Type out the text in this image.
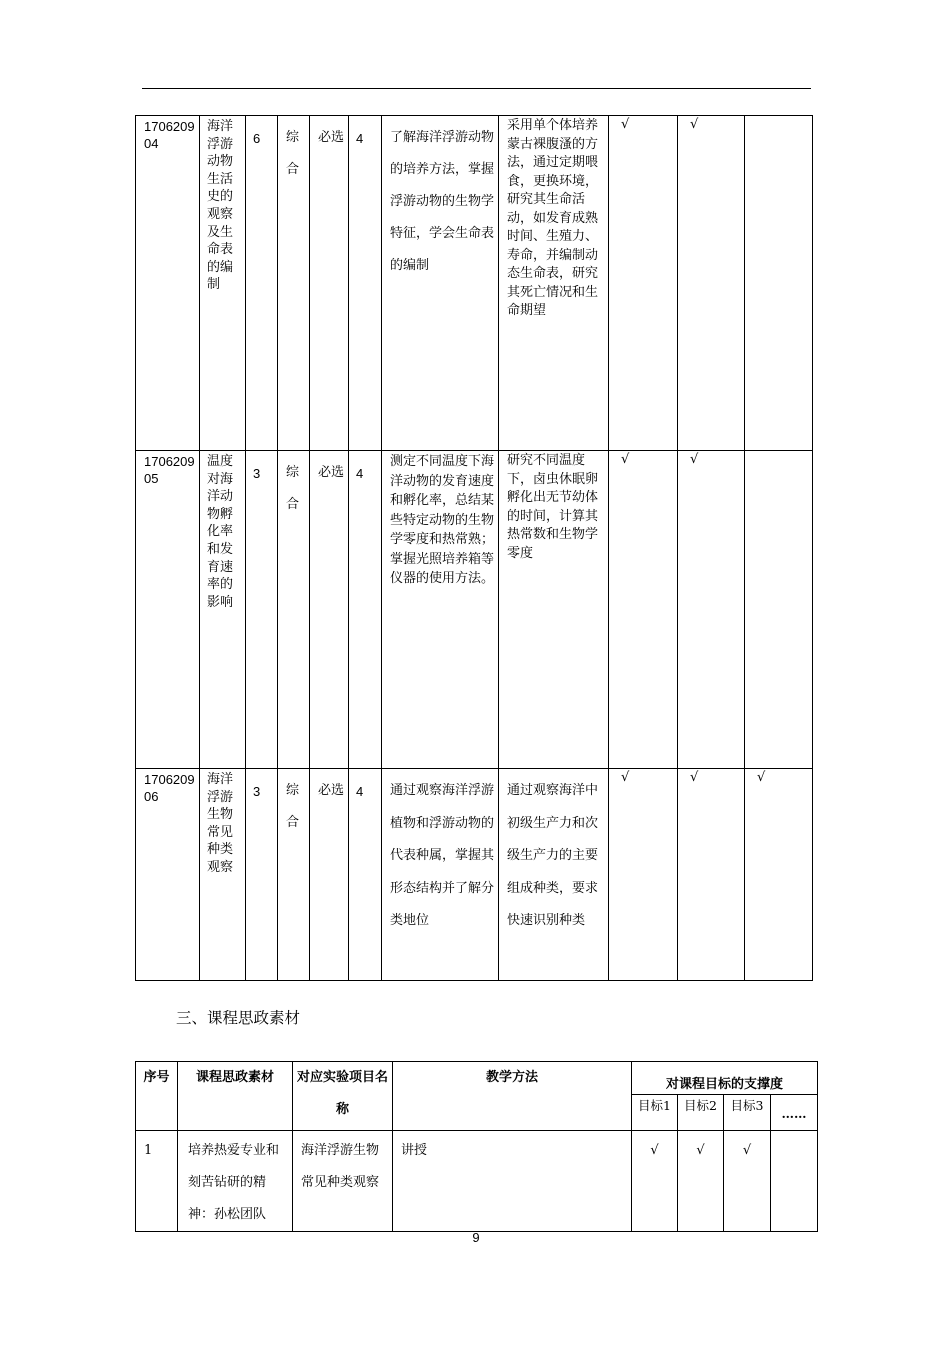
170620904	海洋浮游动物生活史的观察及生命表的编制	6	综合	必选	4	了解海洋浮游动物的培养方法，掌握浮游动物的生物学特征，学会生命表的编制	采用单个体培养蒙古裸腹溞的方法，通过定期喂食，更换环境，研究其生命活动，如发育成熟时间、生殖力、寿命，并编制动态生命表，研究其死亡情况和生命期望	√	√	
170620905	温度对海洋动物孵化率和发育速率的影响	3	综合	必选	4	测定不同温度下海洋动物的发育速度和孵化率，总结某些特定动物的生物学零度和热常熟；掌握光照培养箱等仪器的使用方法。	研究不同温度下，卤虫休眠卵孵化出无节幼体的时间，计算其热常数和生物学零度	√	√	
170620906	海洋浮游生物常见种类观察	3	综合	必选	4	通过观察海洋浮游植物和浮游动物的代表种属，掌握其形态结构并了解分类地位	通过观察海洋中初级生产力和次级生产力的主要组成种类，要求快速识别种类	√	√	√
三、课程思政素材
序号	课程思政素材	对应实验项目名称	教学方法	对课程目标的支撑度			
				目标1	目标2	目标3	……
1	培养热爱专业和刻苦钻研的精神：孙松团队	海洋浮游生物常见种类观察	讲授	√	√	√	
9
